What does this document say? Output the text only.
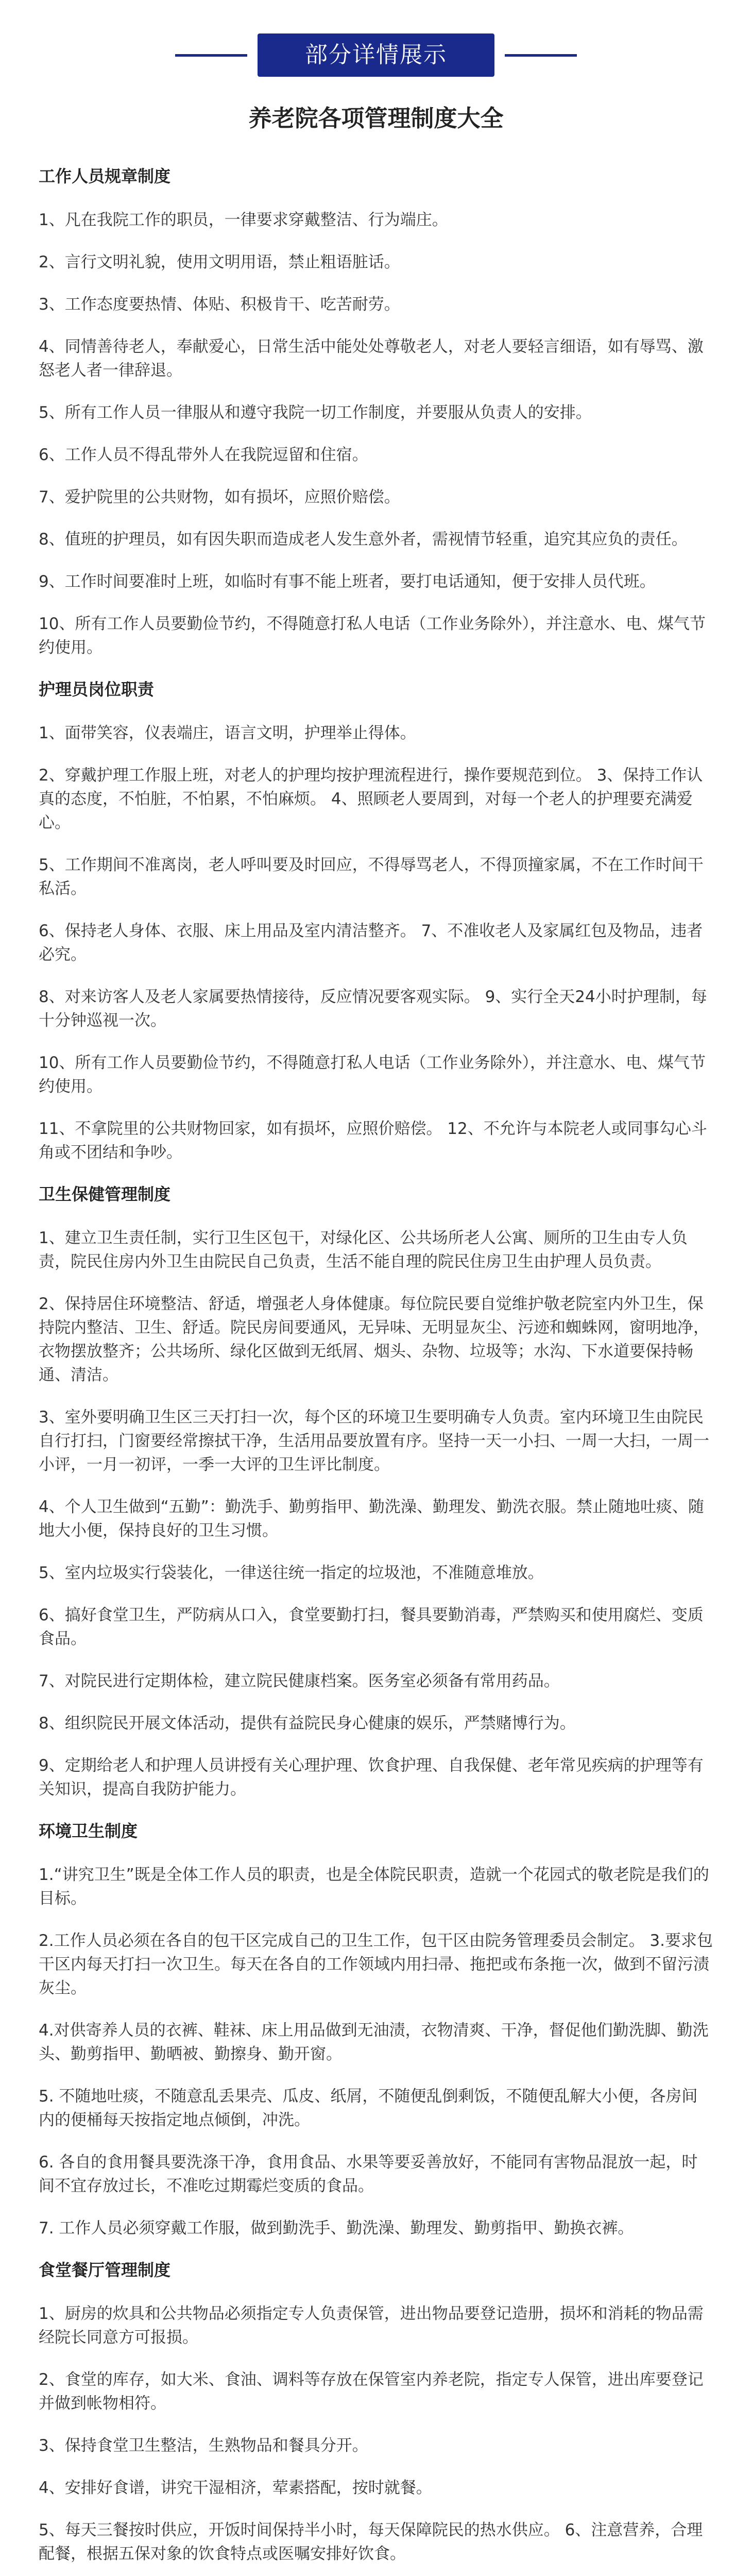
部分详情展示
养老院各项管理制度大全
工作人员规章制度

1、凡在我院工作的职员，一律要求穿戴整洁、行为端庄。

2、言行文明礼貌，使用文明用语，禁止粗语脏话。

3、工作态度要热情、体贴、积极肯干、吃苦耐劳。

4、同情善待老人，奉献爱心，日常生活中能处处尊敬老人，对老人要轻言细语，如有辱骂、激怒老人者一律辞退。

5、所有工作人员一律服从和遵守我院一切工作制度，并要服从负责人的安排。

6、工作人员不得乱带外人在我院逗留和住宿。

7、爱护院里的公共财物，如有损坏，应照价赔偿。

8、值班的护理员，如有因失职而造成老人发生意外者，需视情节轻重，追究其应负的责任。

9、工作时间要准时上班，如临时有事不能上班者，要打电话通知，便于安排人员代班。

10、所有工作人员要勤俭节约，不得随意打私人电话（工作业务除外），并注意水、电、煤气节约使用。

护理员岗位职责

1、面带笑容，仪表端庄，语言文明，护理举止得体。

2、穿戴护理工作服上班，对老人的护理均按护理流程进行，操作要规范到位。 3、保持工作认真的态度，不怕脏，不怕累，不怕麻烦。 4、照顾老人要周到，对每一个老人的护理要充满爱心。

5、工作期间不准离岗，老人呼叫要及时回应，不得辱骂老人，不得顶撞家属，不在工作时间干私活。

6、保持老人身体、衣服、床上用品及室内清洁整齐。 7、不准收老人及家属红包及物品，违者必究。

8、对来访客人及老人家属要热情接待，反应情况要客观实际。 9、实行全天24小时护理制，每十分钟巡视一次。

10、所有工作人员要勤俭节约，不得随意打私人电话（工作业务除外），并注意水、电、煤气节约使用。

11、不拿院里的公共财物回家，如有损坏，应照价赔偿。 12、不允许与本院老人或同事勾心斗角或不团结和争吵。

卫生保健管理制度

1、建立卫生责任制，实行卫生区包干，对绿化区、公共场所老人公寓、厕所的卫生由专人负责，院民住房内外卫生由院民自己负责，生活不能自理的院民住房卫生由护理人员负责。

2、保持居住环境整洁、舒适，增强老人身体健康。每位院民要自觉维护敬老院室内外卫生，保持院内整洁、卫生、舒适。院民房间要通风，无异味、无明显灰尘、污迹和蜘蛛网，窗明地净，衣物摆放整齐；公共场所、绿化区做到无纸屑、烟头、杂物、垃圾等；水沟、下水道要保持畅通、清洁。

3、室外要明确卫生区三天打扫一次，每个区的环境卫生要明确专人负责。室内环境卫生由院民自行打扫，门窗要经常擦拭干净，生活用品要放置有序。坚持一天一小扫、一周一大扫，一周一小评，一月一初评，一季一大评的卫生评比制度。

4、个人卫生做到“五勤”：勤洗手、勤剪指甲、勤洗澡、勤理发、勤洗衣服。禁止随地吐痰、随地大小便，保持良好的卫生习惯。

5、室内垃圾实行袋装化，一律送往统一指定的垃圾池，不准随意堆放。

6、搞好食堂卫生，严防病从口入，食堂要勤打扫，餐具要勤消毒，严禁购买和使用腐烂、变质食品。

7、对院民进行定期体检，建立院民健康档案。医务室必须备有常用药品。

8、组织院民开展文体活动，提供有益院民身心健康的娱乐，严禁赌博行为。

9、定期给老人和护理人员讲授有关心理护理、饮食护理、自我保健、老年常见疾病的护理等有关知识，提高自我防护能力。

环境卫生制度

1.“讲究卫生”既是全体工作人员的职责，也是全体院民职责，造就一个花园式的敬老院是我们的目标。

2.工作人员必须在各自的包干区完成自己的卫生工作，包干区由院务管理委员会制定。 3.要求包干区内每天打扫一次卫生。每天在各自的工作领域内用扫帚、拖把或布条拖一次，做到不留污渍灰尘。

4.对供寄养人员的衣裤、鞋袜、床上用品做到无油渍，衣物清爽、干净，督促他们勤洗脚、勤洗头、勤剪指甲、勤晒被、勤擦身、勤开窗。

5. 不随地吐痰，不随意乱丢果壳、瓜皮、纸屑，不随便乱倒剩饭，不随便乱解大小便，各房间内的便桶每天按指定地点倾倒，冲洗。

6. 各自的食用餐具要洗涤干净，食用食品、水果等要妥善放好，不能同有害物品混放一起，时间不宜存放过长，不准吃过期霉烂变质的食品。

7. 工作人员必须穿戴工作服，做到勤洗手、勤洗澡、勤理发、勤剪指甲、勤换衣裤。

食堂餐厅管理制度

1、厨房的炊具和公共物品必须指定专人负责保管，进出物品要登记造册，损坏和消耗的物品需经院长同意方可报损。

2、食堂的库存，如大米、食油、调料等存放在保管室内养老院，指定专人保管，进出库要登记并做到帐物相符。

3、保持食堂卫生整洁，生熟物品和餐具分开。

4、安排好食谱，讲究干湿相济，荤素搭配，按时就餐。

5、每天三餐按时供应，开饭时间保持半小时，每天保障院民的热水供应。 6、注意营养，合理配餐，根据五保对象的饮食特点或医嘱安排好饮食。
